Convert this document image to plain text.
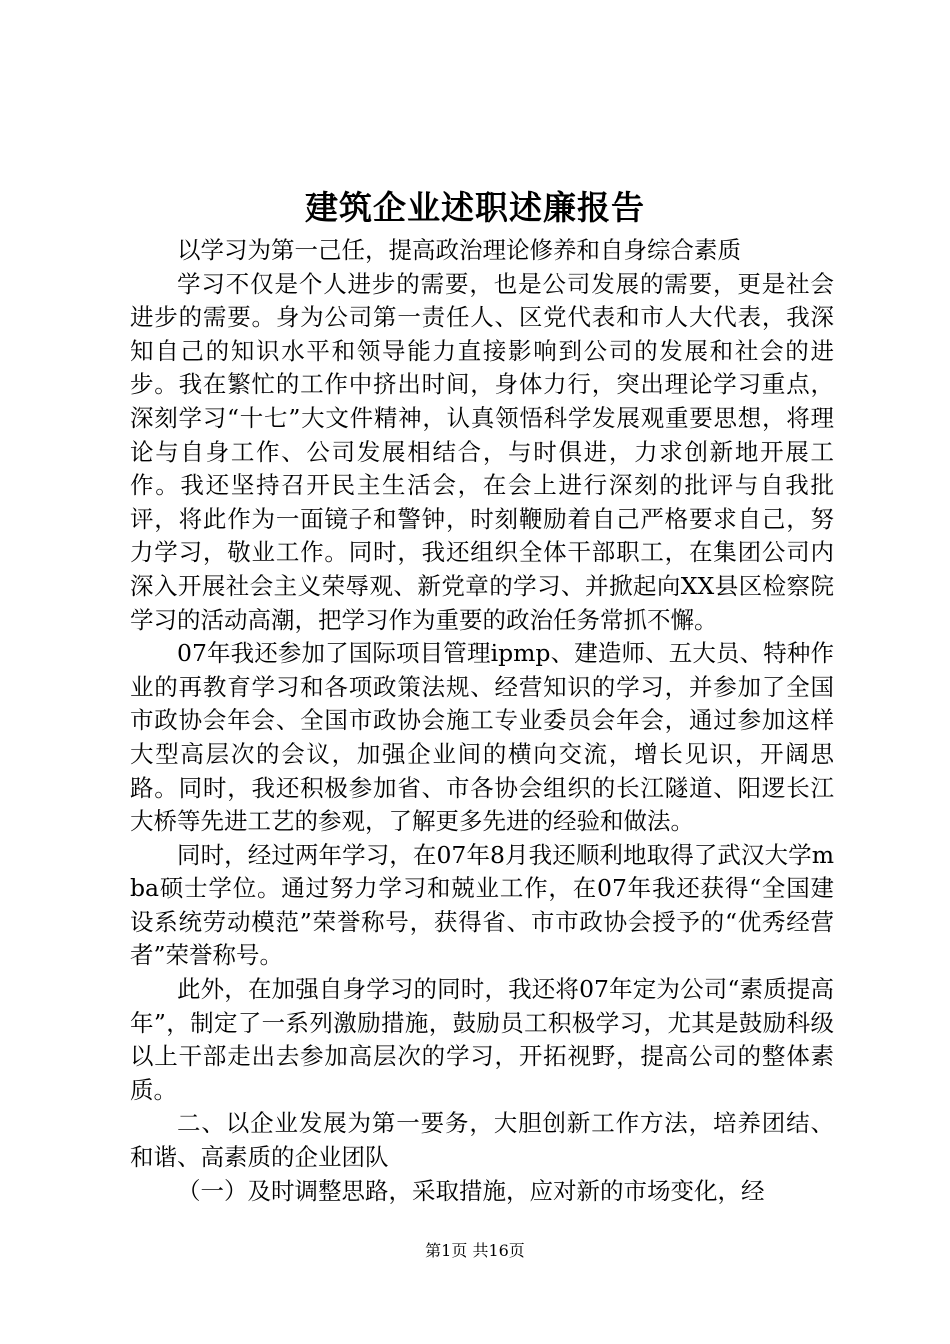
建筑企业述职述廉报告

以学习为第一己任，提高政治理论修养和自身综合素质

学习不仅是个人进步的需要，也是公司发展的需要，更是社会进步的需要。身为公司第一责任人、区党代表和市人大代表，我深知自己的知识水平和领导能力直接影响到公司的发展和社会的进步。我在繁忙的工作中挤出时间，身体力行，突出理论学习重点，深刻学习“十七”大文件精神，认真领悟科学发展观重要思想，将理论与自身工作、公司发展相结合，与时俱进，力求创新地开展工作。我还坚持召开民主生活会，在会上进行深刻的批评与自我批评，将此作为一面镜子和警钟，时刻鞭励着自己严格要求自己，努力学习，敬业工作。同时，我还组织全体干部职工，在集团公司内深入开展社会主义荣辱观、新党章的学习、并掀起向XX县区检察院学习的活动高潮，把学习作为重要的政治任务常抓不懈。

07年我还参加了国际项目管理ipmp、建造师、五大员、特种作业的再教育学习和各项政策法规、经营知识的学习，并参加了全国市政协会年会、全国市政协会施工专业委员会年会，通过参加这样大型高层次的会议，加强企业间的横向交流，增长见识，开阔思路。同时，我还积极参加省、市各协会组织的长江隧道、阳逻长江大桥等先进工艺的参观，了解更多先进的经验和做法。

同时，经过两年学习，在07年8月我还顺利地取得了武汉大学mba硕士学位。通过努力学习和兢业工作，在07年我还获得“全国建设系统劳动模范”荣誉称号，获得省、市市政协会授予的“优秀经营者”荣誉称号。

此外，在加强自身学习的同时，我还将07年定为公司“素质提高年”，制定了一系列激励措施，鼓励员工积极学习，尤其是鼓励科级以上干部走出去参加高层次的学习，开拓视野，提高公司的整体素质。

二、以企业发展为第一要务，大胆创新工作方法，培养团结、和谐、高素质的企业团队

（一）及时调整思路，采取措施，应对新的市场变化，经

第1页 共16页
